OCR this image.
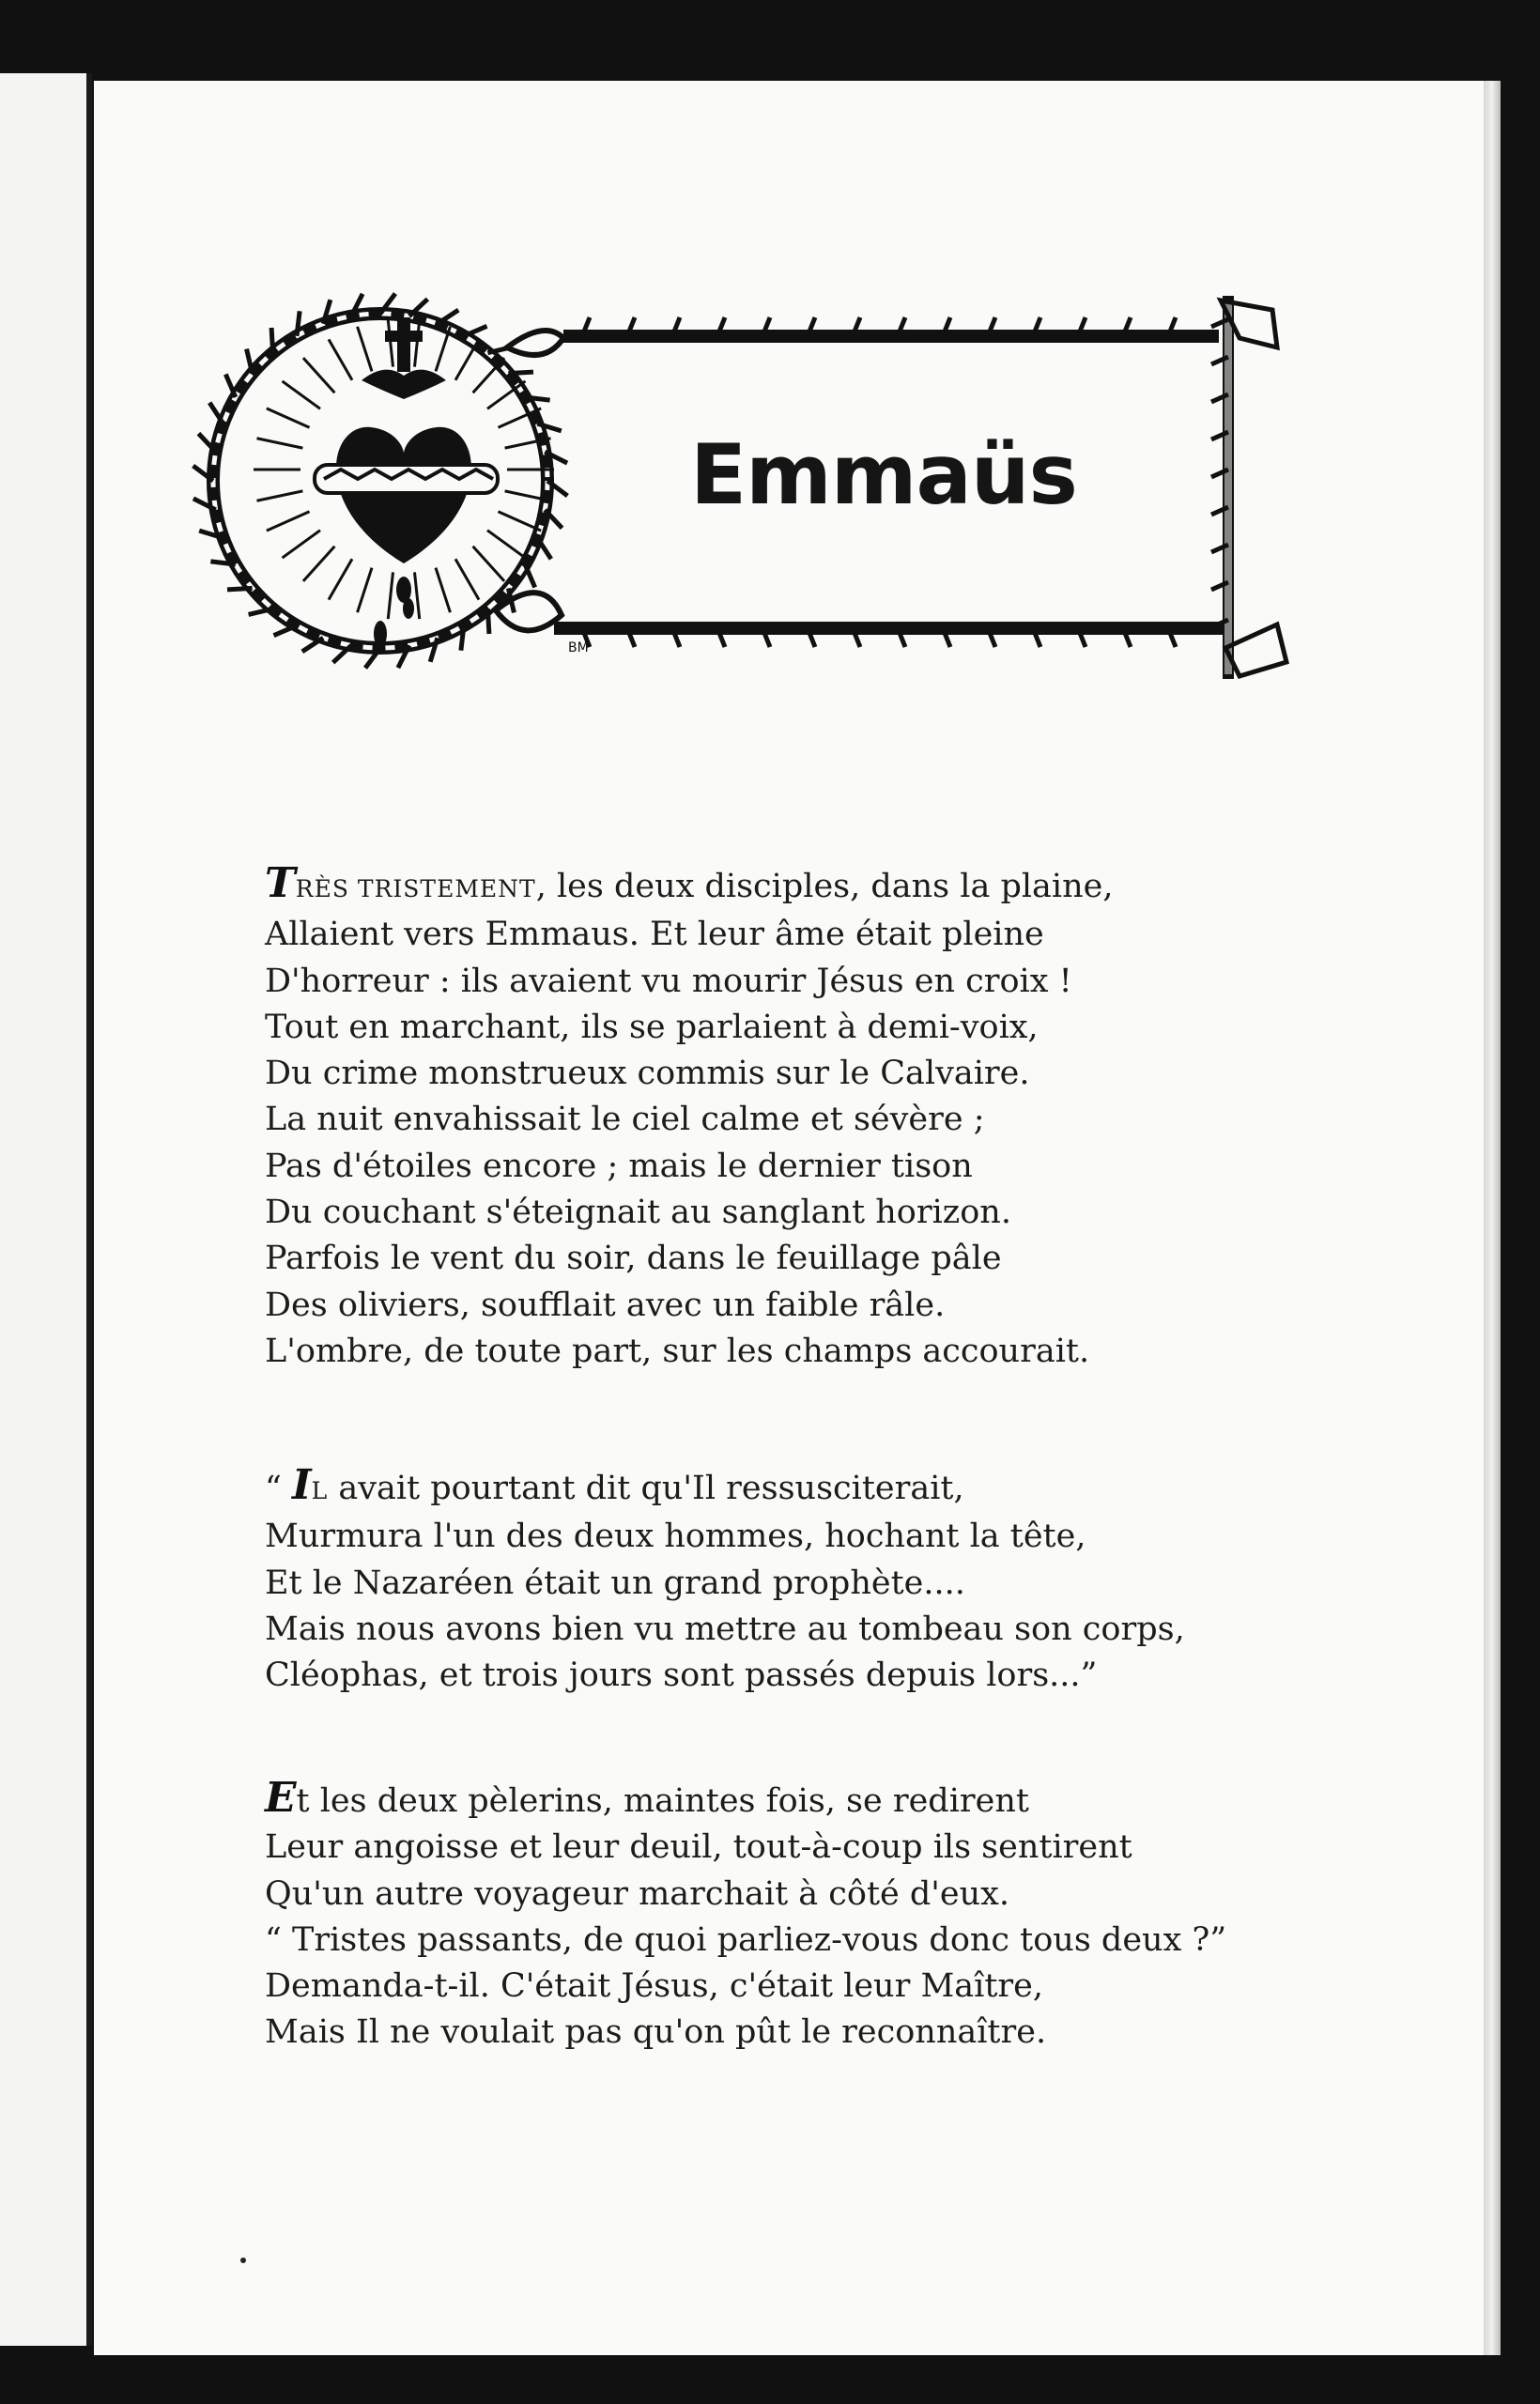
BM
Emmaüs
TRÈS TRISTEMENT, les deux disciples, dans la plaine,
Allaient vers Emmaus. Et leur âme était pleine
D'horreur : ils avaient vu mourir Jésus en croix !
Tout en marchant, ils se parlaient à demi-voix,
Du crime monstrueux commis sur le Calvaire.
La nuit envahissait le ciel calme et sévère ;
Pas d'étoiles encore ; mais le dernier tison
Du couchant s'éteignait au sanglant horizon.
Parfois le vent du soir, dans le feuillage pâle
Des oliviers, soufflait avec un faible râle.
L'ombre, de toute part, sur les champs accourait.
“ IL avait pourtant dit qu'Il ressusciterait,
Murmura l'un des deux hommes, hochant la tête,
Et le Nazaréen était un grand prophète....
Mais nous avons bien vu mettre au tombeau son corps,
Cléophas, et trois jours sont passés depuis lors...”
Et les deux pèlerins, maintes fois, se redirent
Leur angoisse et leur deuil, tout-à-coup ils sentirent
Qu'un autre voyageur marchait à côté d'eux.
“ Tristes passants, de quoi parliez-vous donc tous deux ?”
Demanda-t-il. C'était Jésus, c'était leur Maître,
Mais Il ne voulait pas qu'on pût le reconnaître.
